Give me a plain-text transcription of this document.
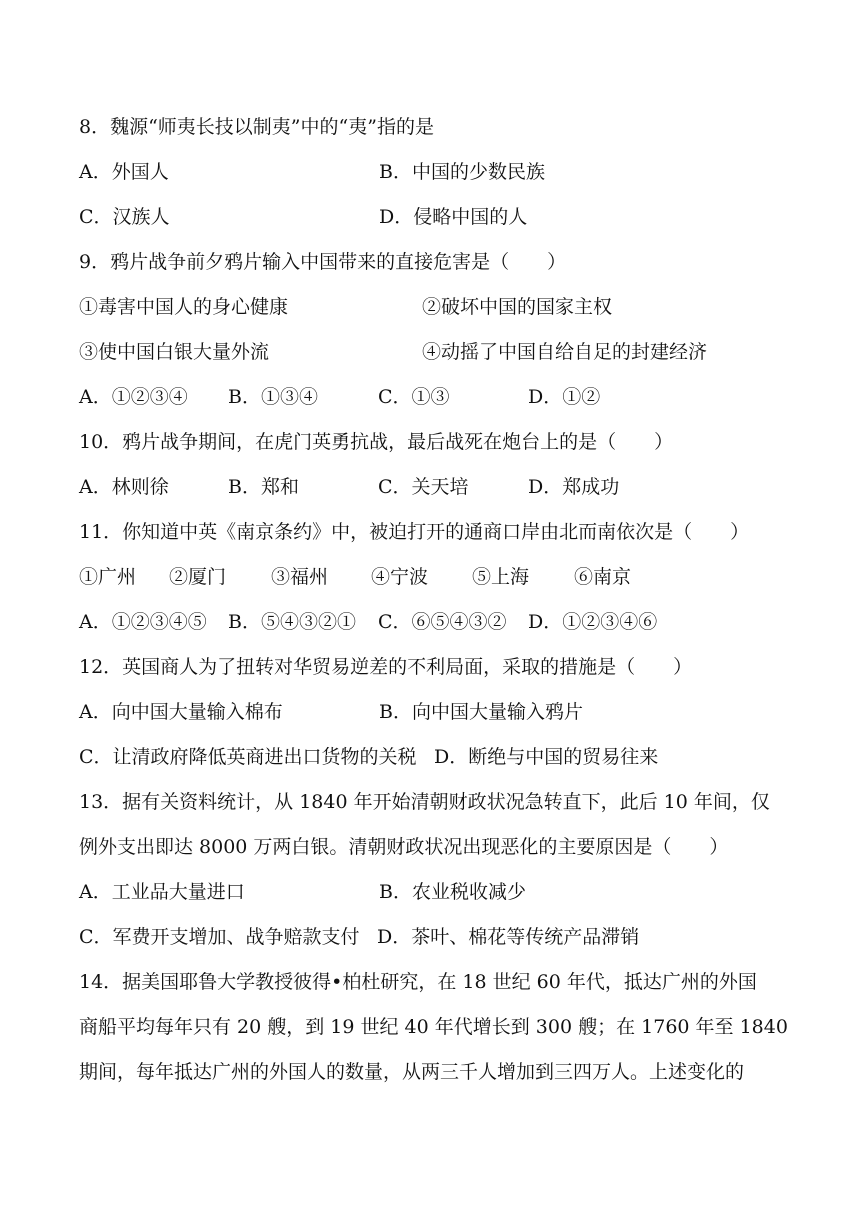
8．魏源“师夷长技以制夷”中的“夷”指的是
A．外国人	B．中国的少数民族
C．汉族人	D．侵略中国的人
9．鸦片战争前夕鸦片输入中国带来的直接危害是（　　）
①毒害中国人的身心健康	②破坏中国的国家主权
③使中国白银大量外流	④动摇了中国自给自足的封建经济
A．①②③④ B．①③④	C．①③	D．①②
10．鸦片战争期间，在虎门英勇抗战，最后战死在炮台上的是（　　）
A．林则徐	B．郑和	C．关天培	D．郑成功
11．你知道中英《南京条约》中，被迫打开的通商口岸由北而南依次是（　　）
①广州 ②厦门 ③福州 ④宁波 ⑤上海 ⑥南京
A．①②③④⑤ B．⑤④③②① C．⑥⑤④③② D．①②③④⑥
12．英国商人为了扭转对华贸易逆差的不利局面，采取的措施是（　　）
A．向中国大量输入棉布	B．向中国大量输入鸦片
C．让清政府降低英商进出口货物的关税 D．断绝与中国的贸易往来
13．据有关资料统计，从 1840 年开始清朝财政状况急转直下，此后 10 年间，仅
例外支出即达 8000 万两白银。清朝财政状况出现恶化的主要原因是（　　）
A．工业品大量进口	B．农业税收减少
C．军费开支增加、战争赔款支付 D．茶叶、棉花等传统产品滞销
14．据美国耶鲁大学教授彼得•柏杜研究，在 18 世纪 60 年代，抵达广州的外国
商船平均每年只有 20 艘，到 19 世纪 40 年代增长到 300 艘；在 1760 年至 1840
期间，每年抵达广州的外国人的数量，从两三千人增加到三四万人。上述变化的
